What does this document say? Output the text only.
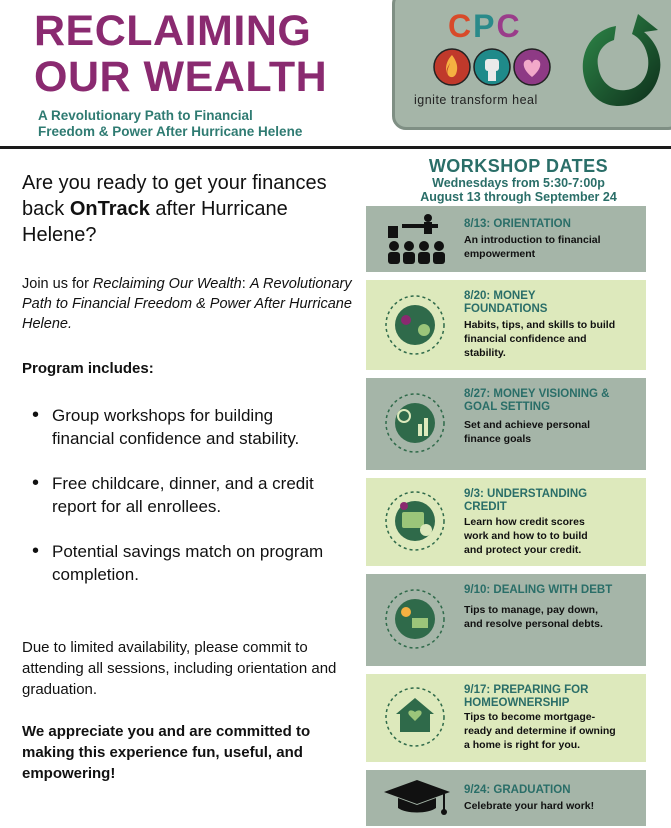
RECLAIMING
OUR WEALTH
A Revolutionary Path to Financial
Freedom & Power After Hurricane Helene
CPC
ignite transform heal
Are you ready to get your finances back OnTrack after Hurricane Helene?
Join us for Reclaiming Our Wealth: A Revolutionary Path to Financial Freedom & Power After Hurricane Helene.
Program includes:
• Group workshops for building financial confidence and stability.
• Free childcare, dinner, and a credit report for all enrollees.
• Potential savings match on program completion.
Due to limited availability, please commit to attending all sessions, including orientation and graduation.
We appreciate you and are committed to making this experience fun, useful, and empowering!
WORKSHOP DATES
Wednesdays from 5:30-7:00p
August 13 through September 24
8/13: ORIENTATION
An introduction to financial
empowerment
8/20: MONEY
FOUNDATIONS
Habits, tips, and skills to build
financial confidence and
stability.
8/27: MONEY VISIONING &
GOAL SETTING
Set and achieve personal
finance goals
9/3: UNDERSTANDING
CREDIT
Learn how credit scores
work and how to to build
and protect your credit.
9/10: DEALING WITH DEBT
Tips to manage, pay down,
and resolve personal debts.
9/17: PREPARING FOR
HOMEOWNERSHIP
Tips to become mortgage-
ready and determine if owning
a home is right for you.
9/24: GRADUATION
Celebrate your hard work!
